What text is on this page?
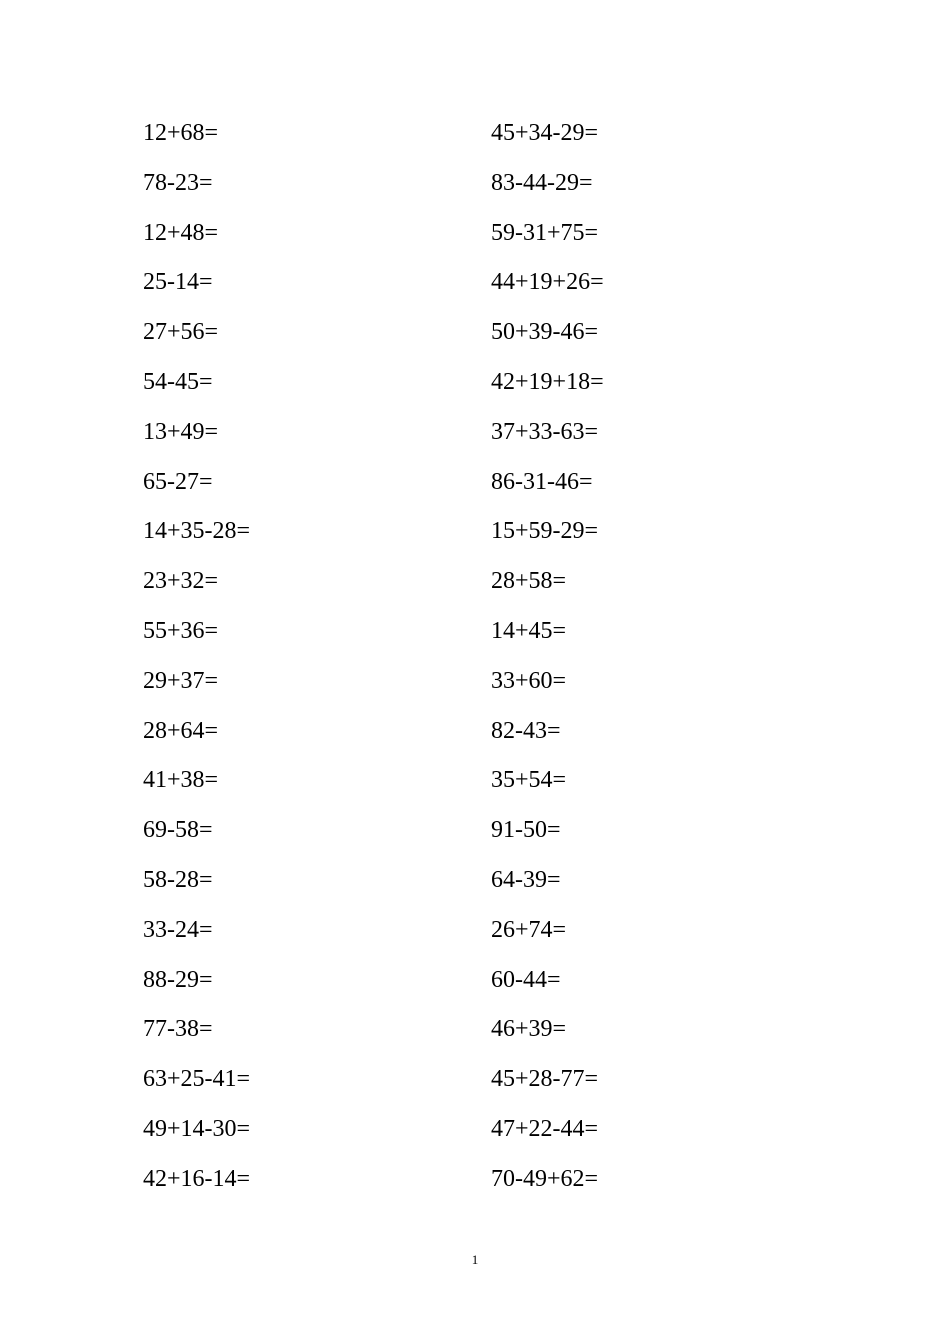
12+68=
78-23=
12+48=
25-14=
27+56=
54-45=
13+49=
65-27=
14+35-28=
23+32=
55+36=
29+37=
28+64=
41+38=
69-58=
58-28=
33-24=
88-29=
77-38=
63+25-41=
49+14-30=
42+16-14=
45+34-29=
83-44-29=
59-31+75=
44+19+26=
50+39-46=
42+19+18=
37+33-63=
86-31-46=
15+59-29=
28+58=
14+45=
33+60=
82-43=
35+54=
91-50=
64-39=
26+74=
60-44=
46+39=
45+28-77=
47+22-44=
70-49+62=
1
